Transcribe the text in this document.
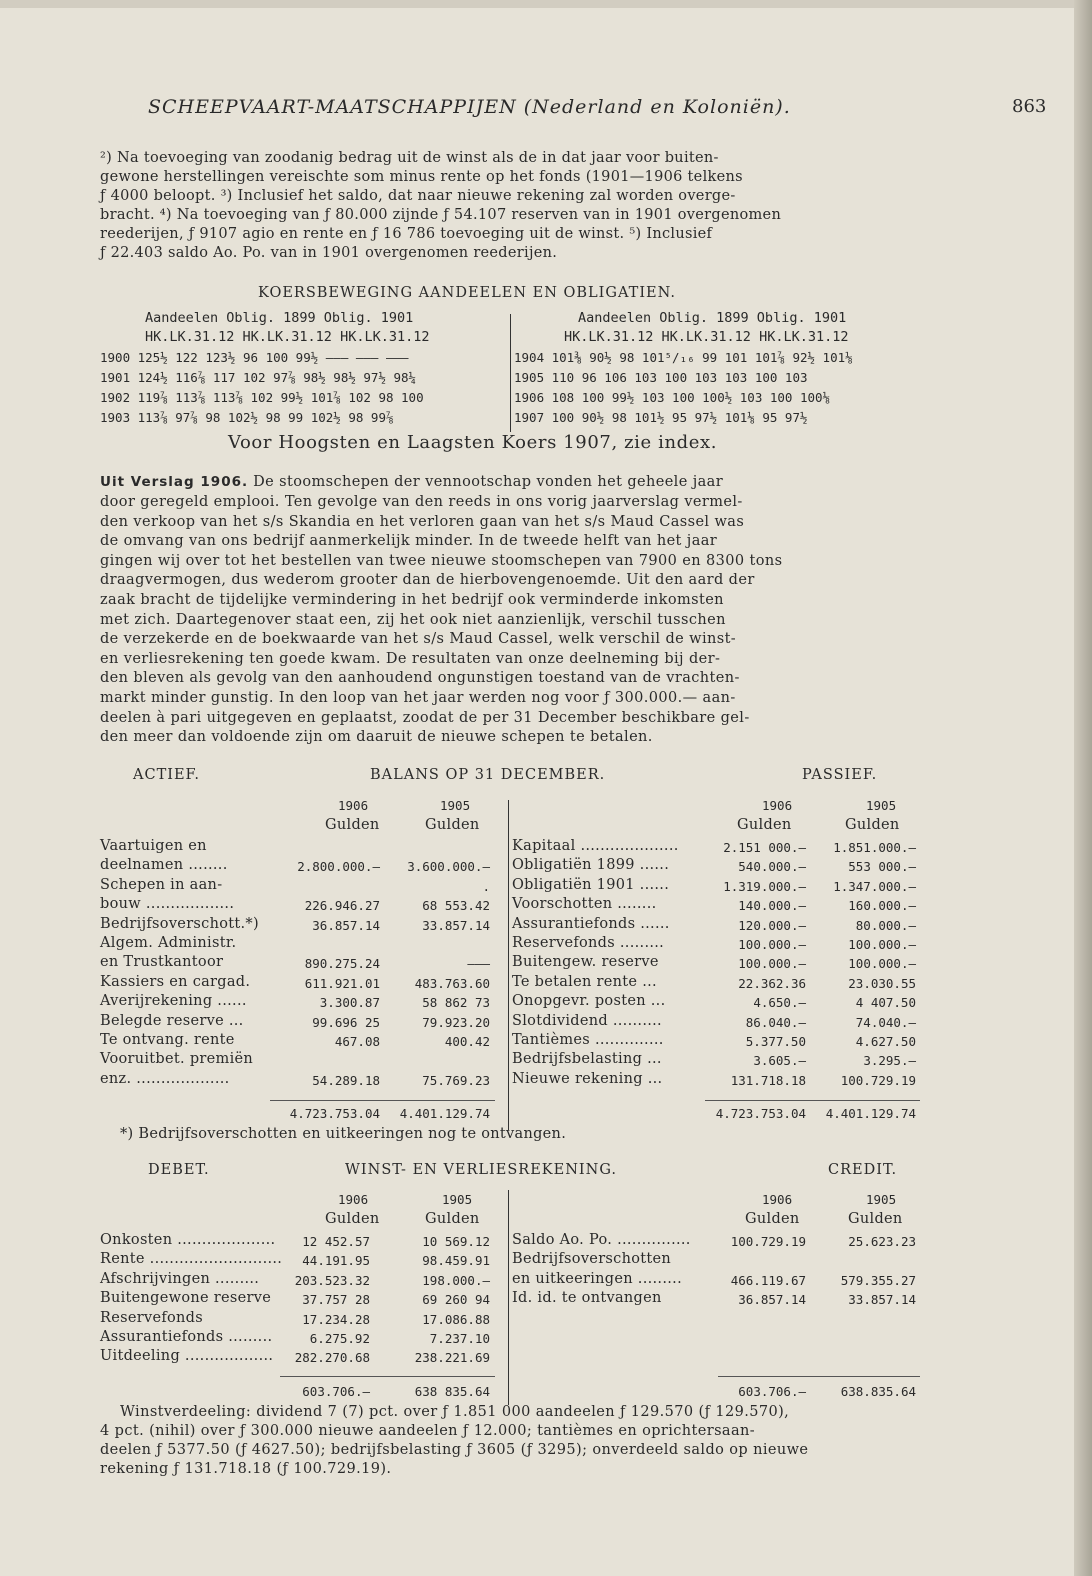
SCHEEPVAART-MAATSCHAPPIJEN (Nederland en Koloniën).	863
²) Na toevoeging van zoodanig bedrag uit de winst als de in dat jaar voor buiten-
gewone herstellingen vereischte som minus rente op het fonds (1901—1906 telkens
ƒ 4000 beloopt. ³) Inclusief het saldo, dat naar nieuwe rekening zal worden overge-
bracht. ⁴) Na toevoeging van ƒ 80.000 zijnde ƒ 54.107 reserven van in 1901 overgenomen
reederijen, ƒ 9107 agio en rente en ƒ 16 786 toevoeging uit de winst. ⁵) Inclusief
ƒ 22.403 saldo Ao. Po. van in 1901 overgenomen reederijen.
KOERSBEWEGING AANDEELEN EN OBLIGATIEN.
Aandeelen Oblig. 1899 Oblig. 1901
HK.LK.31.12 HK.LK.31.12 HK.LK.31.12
Aandeelen Oblig. 1899 Oblig. 1901
HK.LK.31.12 HK.LK.31.12 HK.LK.31.12
1900 125½ 122 123½ 96 100 99½ ——— ——— ———
1901 124½ 116⅞ 117 102 97⅞ 98½ 98½ 97½ 98¼
1902 119⅞ 113⅞ 113⅞ 102 99½ 101⅞ 102 98 100
1903 113⅞ 97⅞ 98 102½ 98 99 102½ 98 99⅞
1904 101⅜ 90½ 98 101⁵/₁₆ 99 101 101⅞ 92½ 101⅛
1905 110 96 106 103 100 103 103 100 103
1906 108 100 99½ 103 100 100½ 103 100 100⅛
1907 100 90½ 98 101½ 95 97½ 101⅛ 95 97½
Voor Hoogsten en Laagsten Koers 1907, zie index.
Uit Verslag 1906. De stoomschepen der vennootschap vonden het geheele jaar
door geregeld emplooi. Ten gevolge van den reeds in ons vorig jaarverslag vermel-
den verkoop van het s/s Skandia en het verloren gaan van het s/s Maud Cassel was
de omvang van ons bedrijf aanmerkelijk minder. In de tweede helft van het jaar
gingen wij over tot het bestellen van twee nieuwe stoomschepen van 7900 en 8300 tons
draagvermogen, dus wederom grooter dan de hierbovengenoemde. Uit den aard der
zaak bracht de tijdelijke vermindering in het bedrijf ook verminderde inkomsten
met zich. Daartegenover staat een, zij het ook niet aanzienlijk, verschil tusschen
de verzekerde en de boekwaarde van het s/s Maud Cassel, welk verschil de winst-
en verliesrekening ten goede kwam. De resultaten van onze deelneming bij der-
den bleven als gevolg van den aanhoudend ongunstigen toestand van de vrachten-
markt minder gunstig. In den loop van het jaar werden nog voor ƒ 300.000.— aan-
deelen à pari uitgegeven en geplaatst, zoodat de per 31 December beschikbare gel-
den meer dan voldoende zijn om daaruit de nieuwe schepen te betalen.
ACTIEF.	BALANS OP 31 DECEMBER.	PASSIEF.
1906	1905
Gulden	Gulden
1906	1905
Gulden	Gulden
Vaartuigen en
deelnamen ........	2.800.000.—	3.600.000.—
Schepen in aan-	.
bouw ..................	226.946.27	68 553.42
Bedrijfsoverschott.*)	36.857.14	33.857.14
Algem. Administr.
en Trustkantoor	890.275.24	———
Kassiers en cargad.	611.921.01	483.763.60
Averijrekening ......	3.300.87	58 862 73
Belegde reserve ...	99.696 25	79.923.20
Te ontvang. rente	467.08	400.42
Vooruitbet. premiën
enz. ...................	54.289.18	75.769.23
Kapitaal ....................	2.151 000.—	1.851.000.—
Obligatiën 1899 ......	540.000.—	553 000.—
Obligatiën 1901 ......	1.319.000.—	1.347.000.—
Voorschotten ........	140.000.—	160.000.—
Assurantiefonds ......	120.000.—	80.000.—
Reservefonds .........	100.000.—	100.000.—
Buitengew. reserve	100.000.—	100.000.—
Te betalen rente ...	22.362.36	23.030.55
Onopgevr. posten ...	4.650.—	4 407.50
Slotdividend ..........	86.040.—	74.040.—
Tantièmes ..............	5.377.50	4.627.50
Bedrijfsbelasting ...	3.605.—	3.295.—
Nieuwe rekening ...	131.718.18	100.729.19
4.723.753.04	4.401.129.74	4.723.753.04	4.401.129.74
*) Bedrijfsoverschotten en uitkeeringen nog te ontvangen.
DEBET.	WINST- EN VERLIESREKENING.	CREDIT.
1906	1905
Gulden	Gulden
1906	1905
Gulden	Gulden
Onkosten ....................	12 452.57	10 569.12
Rente ...........................	44.191.95	98.459.91
Afschrijvingen .........	203.523.32	198.000.—
Buitengewone reserve	37.757 28	69 260 94
Reservefonds	17.234.28	17.086.88
Assurantiefonds .........	6.275.92	7.237.10
Uitdeeling ..................	282.270.68	238.221.69
Saldo Ao. Po. ...............	100.729.19	25.623.23
Bedrijfsoverschotten
en uitkeeringen .........	466.119.67	579.355.27
Id. id. te ontvangen	36.857.14	33.857.14
603.706.—	638 835.64	603.706.—	638.835.64
Winstverdeeling: dividend 7 (7) pct. over ƒ 1.851 000 aandeelen ƒ 129.570 (ƒ 129.570),
4 pct. (nihil) over ƒ 300.000 nieuwe aandeelen ƒ 12.000; tantièmes en oprichtersaan-
deelen ƒ 5377.50 (ƒ 4627.50); bedrijfsbelasting ƒ 3605 (ƒ 3295); onverdeeld saldo op nieuwe
rekening ƒ 131.718.18 (ƒ 100.729.19).
